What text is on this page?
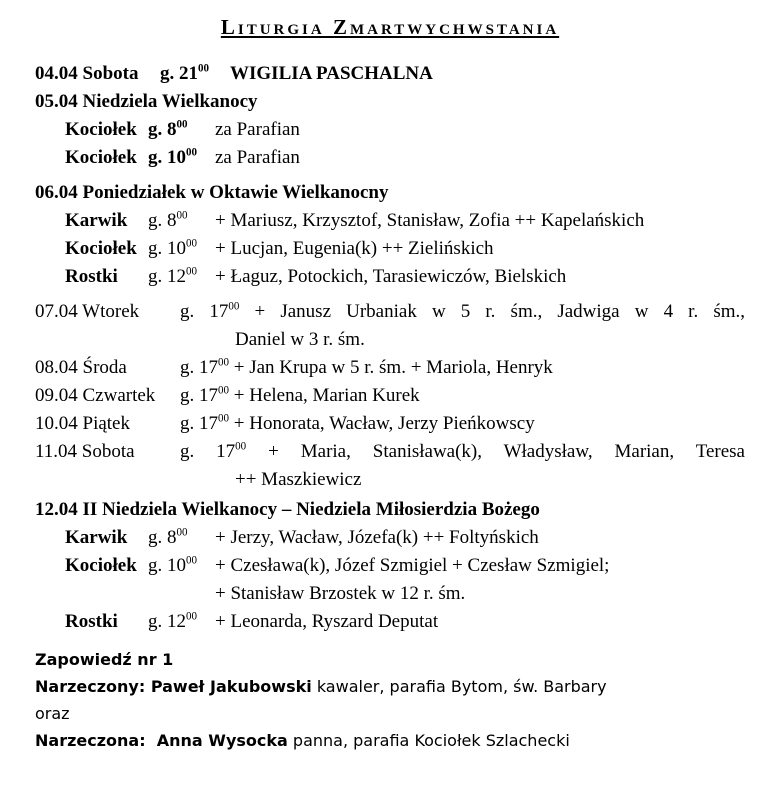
Liturgia Zmartwychwstania
04.04 Sobota	g. $21^{00}$	WIGILIA PASCHALNA
05.04 Niedziela Wielkanocy
Kociołek g. $8^{00}$	za Parafian
Kociołek g. $10^{00}$ za Parafian
06.04 Poniedziałek w Oktawie Wielkanocny
Karwik	g. $8^{00}$	+ Mariusz, Krzysztof, Stanisław, Zofia ++ Kapelańskich
Kociołek g. $10^{00}$ + Lucjan, Eugenia(k) ++ Zielińskich
Rostki	g. $12^{00}$ + Łaguz, Potockich, Tarasiewiczów, Bielskich
07.04 Wtorek	g. $17^{00}$ + Janusz Urbaniak w 5 r. śm., Jadwiga w 4 r. śm.,
Daniel w 3 r. śm.
08.04 Środa	g. $17^{00}$ + Jan Krupa w 5 r. śm. + Mariola, Henryk
09.04 Czwartek	g. $17^{00}$ + Helena, Marian Kurek
10.04 Piątek	g. $17^{00}$ + Honorata, Wacław, Jerzy Pieńkowscy
11.04 Sobota	g. $17^{00}$ + Maria, Stanisława(k), Władysław, Marian, Teresa
++ Maszkiewicz
12.04 II Niedziela Wielkanocy – Niedziela Miłosierdzia Bożego
Karwik	g. $8^{00}$	+ Jerzy, Wacław, Józefa(k) ++ Foltyńskich
Kociołek g. $10^{00}$ + Czesława(k), Józef Szmigiel + Czesław Szmigiel;
+ Stanisław Brzostek w 12 r. śm.
Rostki	g. $12^{00}$ + Leonarda, Ryszard Deputat
Zapowiedź nr 1
Narzeczony: Paweł Jakubowski kawaler, parafia Bytom, św. Barbary
oraz
Narzeczona:  Anna Wysocka panna, parafia Kociołek Szlachecki
